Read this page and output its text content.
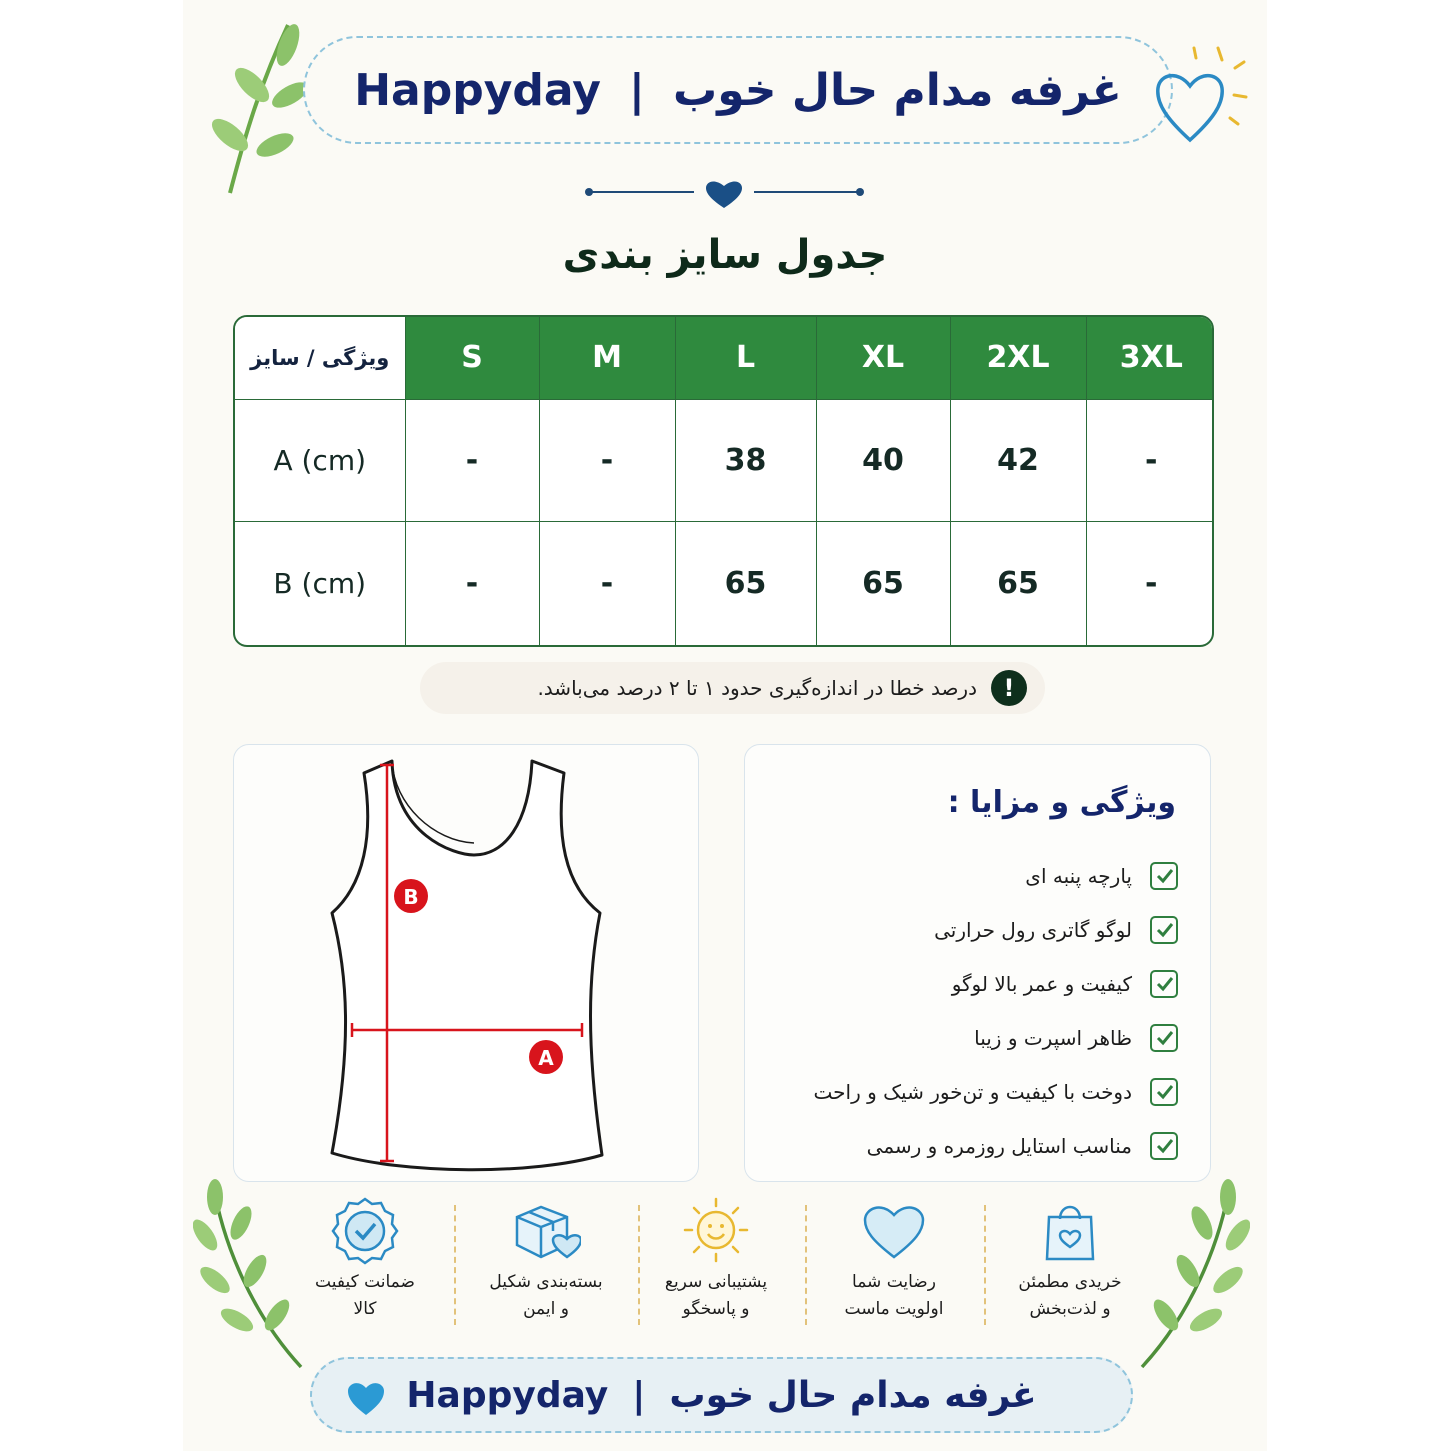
Happyday | غرفه مدام حال خوب
جدول سایز بندی
ویژگی / سایز	S	M	L	XL	2XL	3XL
A (cm)	-	-	38	40	42	-
B (cm)	-	-	65	65	65	-
!
درصد خطا در اندازه‌گیری حدود ۱ تا ۲ درصد می‌باشد.
B
A
ویژگی و مزایا :
پارچه پنبه ای
لوگو گاتری رول حرارتی
کیفیت و عمر بالا لوگو
ظاهر اسپرت و زیبا
دوخت با کیفیت و تن‌خور شیک و راحت
مناسب استایل روزمره و رسمی
ضمانت کیفیت
کالا
بسته‌بندی شکیل
و ایمن
پشتیبانی سریع
و پاسخگو
رضایت شما
اولویت ماست
خریدی مطمئن
و لذت‌بخش
Happyday | غرفه مدام حال خوب
